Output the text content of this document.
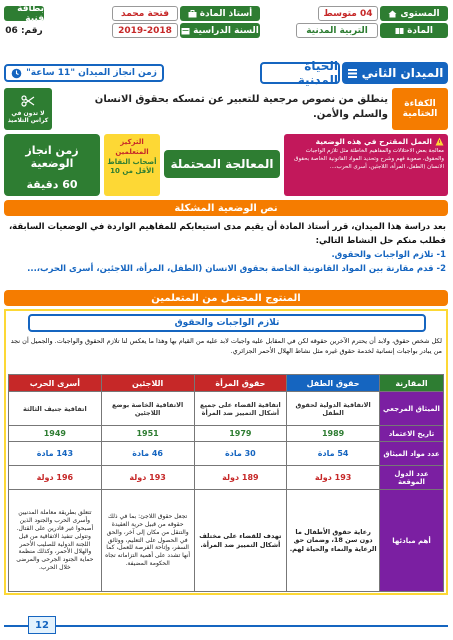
بطاقة فنية
رقم: 06
فتحة محمد	أستاذ المادة	04 متوسط	المستوى
2019-2018	السنة الدراسية	التربية المدنية	المادة
زمن انجاز الميدان "11 ساعة"	الحياة المدنية الميدان الثاني
لا تدون في كراس التلاميذ
ينطلق من نصوص مرجعية للتعبير عن تمسكه بحقوق الانسان والسلم والأمن.
الكفاءة الختامية
زمن انجاز الوضعية
60 دقيقة
التركيز المتعلمين
أصحاب النقاط الأقل من 10
المعالجة المحتملة
العمل المقترح في هذه الوضعية
معالجة بعض الاختلالات والمفاهيم الخاطئة مثل تلازم الواجبات والحقوق، صعوبة فهم وشرح وتحديد المواد القانونية الخاصة بحقوق الانسان (الطفل، المرأة، اللاجئين، أسرى الحرب،...
نص الوضعية المشكلة
بعد دراسة هذا الميدان، قرر أستاذ المادة أن يقيم مدى استيعابكم للمفاهيم الواردة في الوضعيات السابقة، فطلب منكم حل النشاط التالي:
1- تلازم الواجبات والحقوق.
2- قدم مقارنة بين المواد القانونية الخاصة بحقوق الانسان (الطفل، المرأة، اللاجئين، أسرى الحرب،...
المنتوج المحتمل من المتعلمين
تلازم الواجبات والحقوق
لكل شخص حقوق، ولابد أن يحترم الآخرين حقوقه لكن في المقابل عليه واجبات لابد عليه من القيام بها وهذا ما يعكس لنا تلازم الحقوق والواجبات. والجميل أن نجد من يبادر بواجبات إنسانية لخدمة حقوق غيره مثل نشاط الهلال الأحمر الجزائري.
المقارنة	حقوق الطفل	حقوق المرأة	اللاجئين	أسرى الحرب
الميثاق المرجعي	الاتفاقية الدولية لحقوق الطفل	اتفاقية القضاء على جميع أشكال التمييز ضد المرأة	الاتفاقية الخاصة بوضع اللاجئين	اتفاقية جنيف الثالثة
تاريخ الاعتماد	1989	1979	1951	1949
عدد مواد الميثاق	54 مادة	30 مادة	46 مادة	143 مادة
عدد الدول الموقعة	193 دولة	189 دولة	193 دولة	196 دولة
أهم مبادئها	رعاية حقوق الأطفال ما دون سن 18، وضمان حق الرعاية والنماء والحياة لهم.	تهدف للقضاء على مختلف أشكال التمييز ضد المرأة.	تجعل حقوق اللاجئ: بما في ذلك حقوقه من قبيل حرية العقيدة والتنقل من مكان إلى آخر، والحق في الحصول على التعليم، ووثائق السفر، وإتاحة الفرصة للعمل، كما أنها تشدد على أهمية التزاماته تجاه الحكومة المضيفة.	تتعلق بطريقة معاملة المدنيين وأسرى الحرب والجنود الذين أصبحوا غير قادرين على القتال. وتتولى تنفيذ الاتفاقية من قبل اللجنة الدولية للصليب الأحمر والهلال الأحمر، وكذلك منظمة حماية الجنود الجرحى والمرضى خلال الحرب.
12
